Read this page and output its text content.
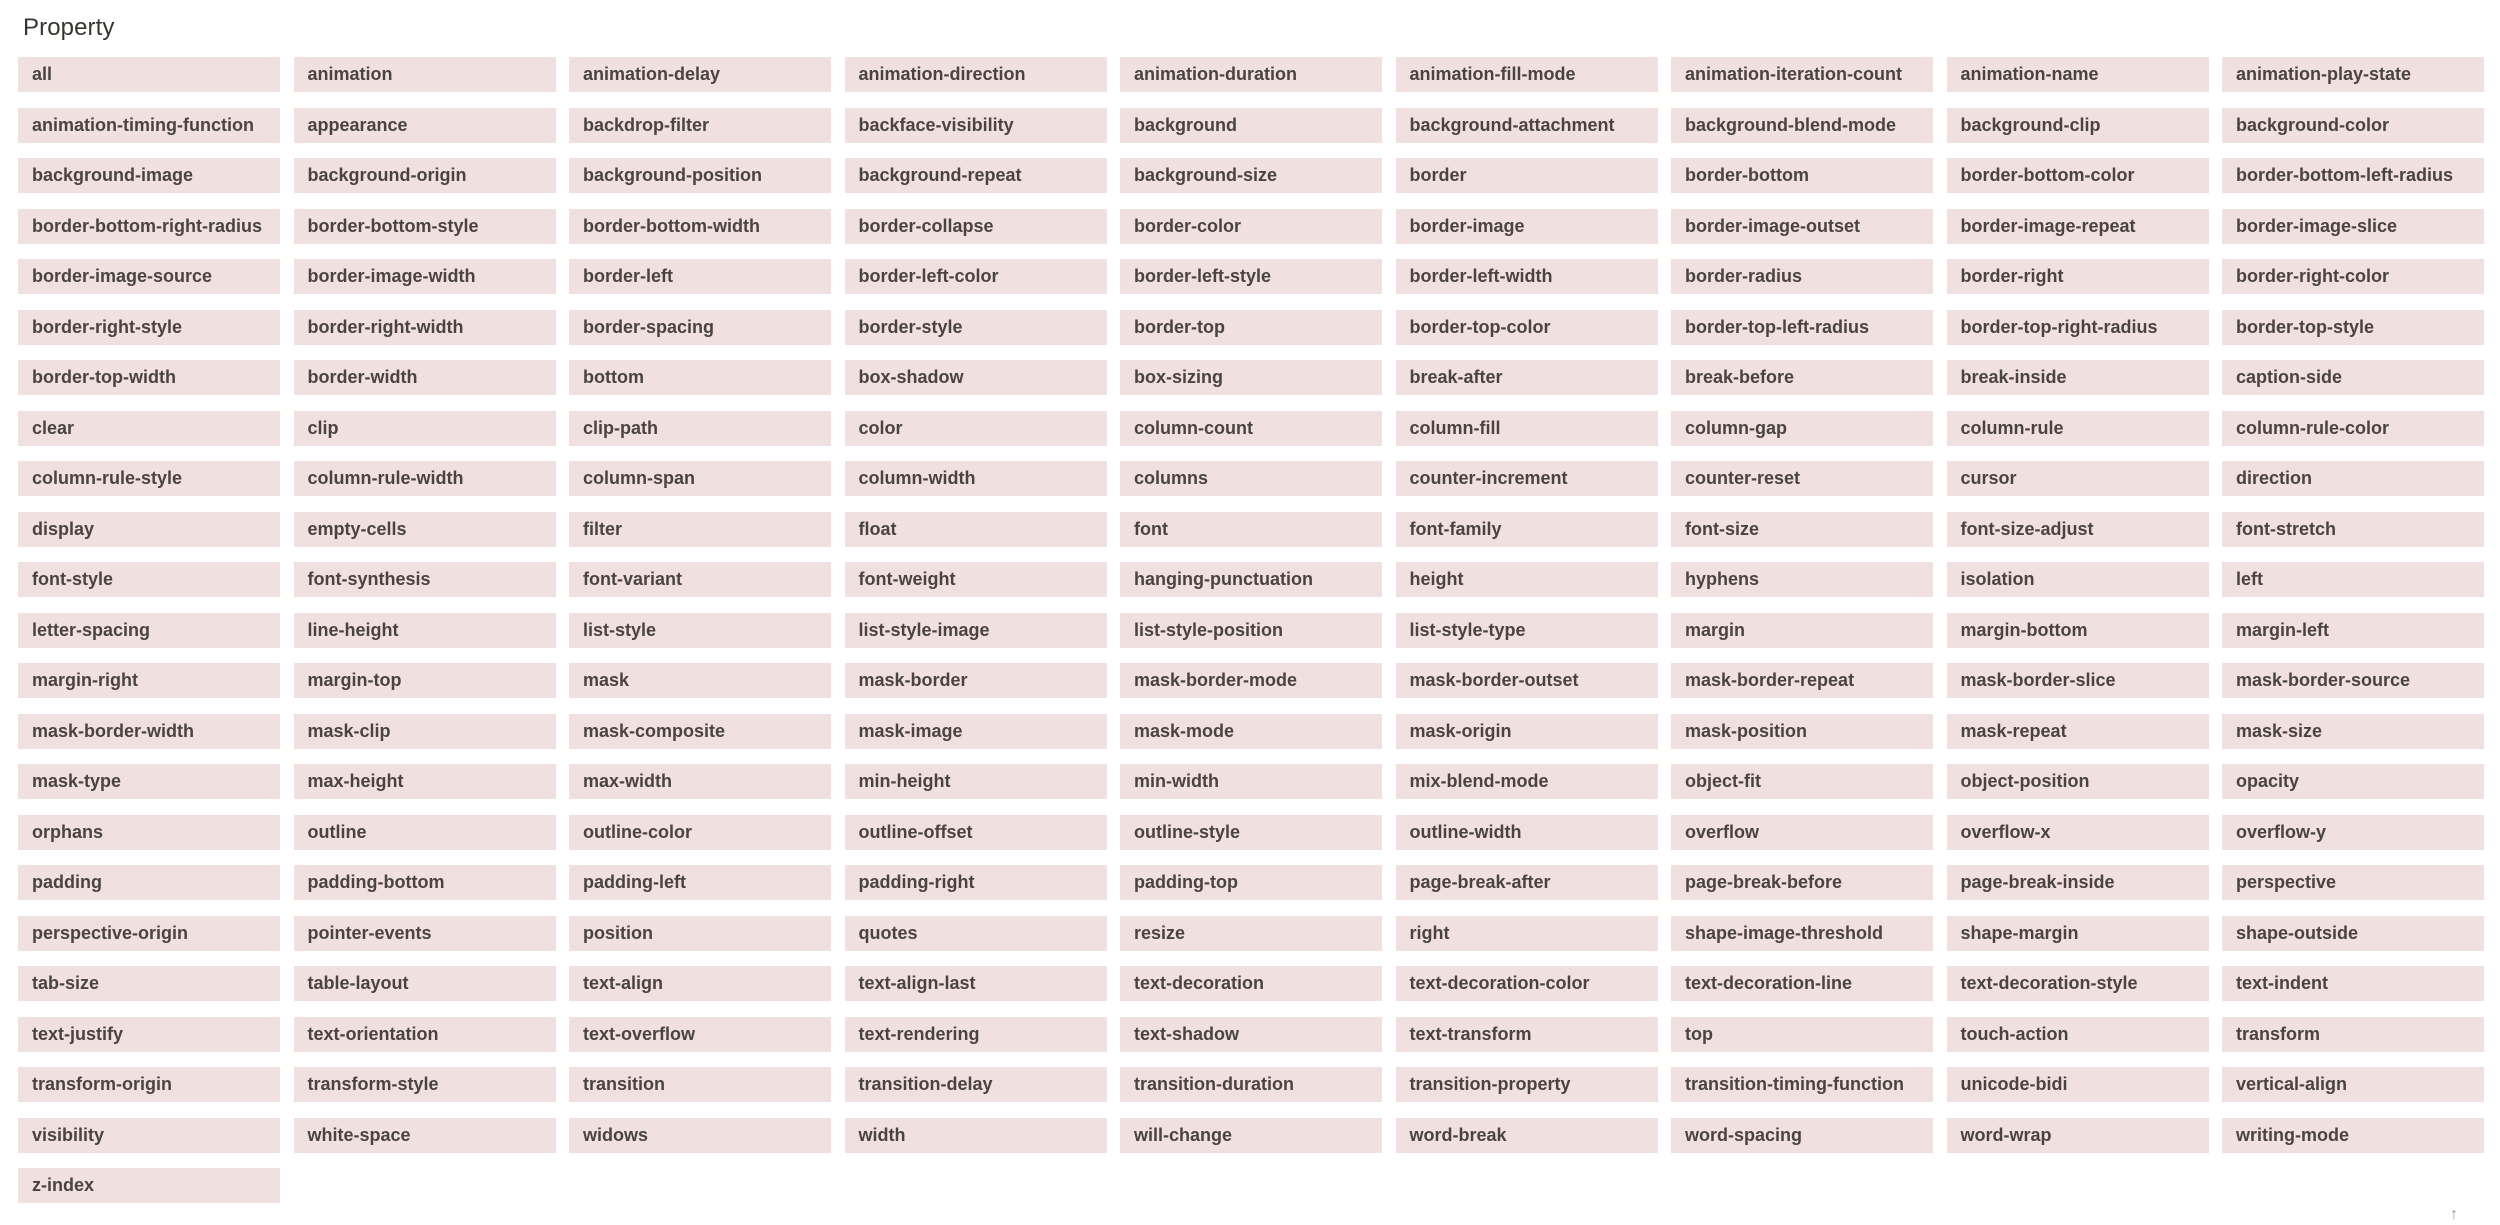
Property
all	animation	animation-delay	animation-direction	animation-duration	animation-fill-mode	animation-iteration-count	animation-name	animation-play-state
animation-timing-function	appearance	backdrop-filter	backface-visibility	background	background-attachment	background-blend-mode	background-clip	background-color
background-image	background-origin	background-position	background-repeat	background-size	border	border-bottom	border-bottom-color	border-bottom-left-radius
border-bottom-right-radius	border-bottom-style	border-bottom-width	border-collapse	border-color	border-image	border-image-outset	border-image-repeat	border-image-slice
border-image-source	border-image-width	border-left	border-left-color	border-left-style	border-left-width	border-radius	border-right	border-right-color
border-right-style	border-right-width	border-spacing	border-style	border-top	border-top-color	border-top-left-radius	border-top-right-radius	border-top-style
border-top-width	border-width	bottom	box-shadow	box-sizing	break-after	break-before	break-inside	caption-side
clear	clip	clip-path	color	column-count	column-fill	column-gap	column-rule	column-rule-color
column-rule-style	column-rule-width	column-span	column-width	columns	counter-increment	counter-reset	cursor	direction
display	empty-cells	filter	float	font	font-family	font-size	font-size-adjust	font-stretch
font-style	font-synthesis	font-variant	font-weight	hanging-punctuation	height	hyphens	isolation	left
letter-spacing	line-height	list-style	list-style-image	list-style-position	list-style-type	margin	margin-bottom	margin-left
margin-right	margin-top	mask	mask-border	mask-border-mode	mask-border-outset	mask-border-repeat	mask-border-slice	mask-border-source
mask-border-width	mask-clip	mask-composite	mask-image	mask-mode	mask-origin	mask-position	mask-repeat	mask-size
mask-type	max-height	max-width	min-height	min-width	mix-blend-mode	object-fit	object-position	opacity
orphans	outline	outline-color	outline-offset	outline-style	outline-width	overflow	overflow-x	overflow-y
padding	padding-bottom	padding-left	padding-right	padding-top	page-break-after	page-break-before	page-break-inside	perspective
perspective-origin	pointer-events	position	quotes	resize	right	shape-image-threshold	shape-margin	shape-outside
tab-size	table-layout	text-align	text-align-last	text-decoration	text-decoration-color	text-decoration-line	text-decoration-style	text-indent
text-justify	text-orientation	text-overflow	text-rendering	text-shadow	text-transform	top	touch-action	transform
transform-origin	transform-style	transition	transition-delay	transition-duration	transition-property	transition-timing-function	unicode-bidi	vertical-align
visibility	white-space	widows	width	will-change	word-break	word-spacing	word-wrap	writing-mode
z-index
↑
